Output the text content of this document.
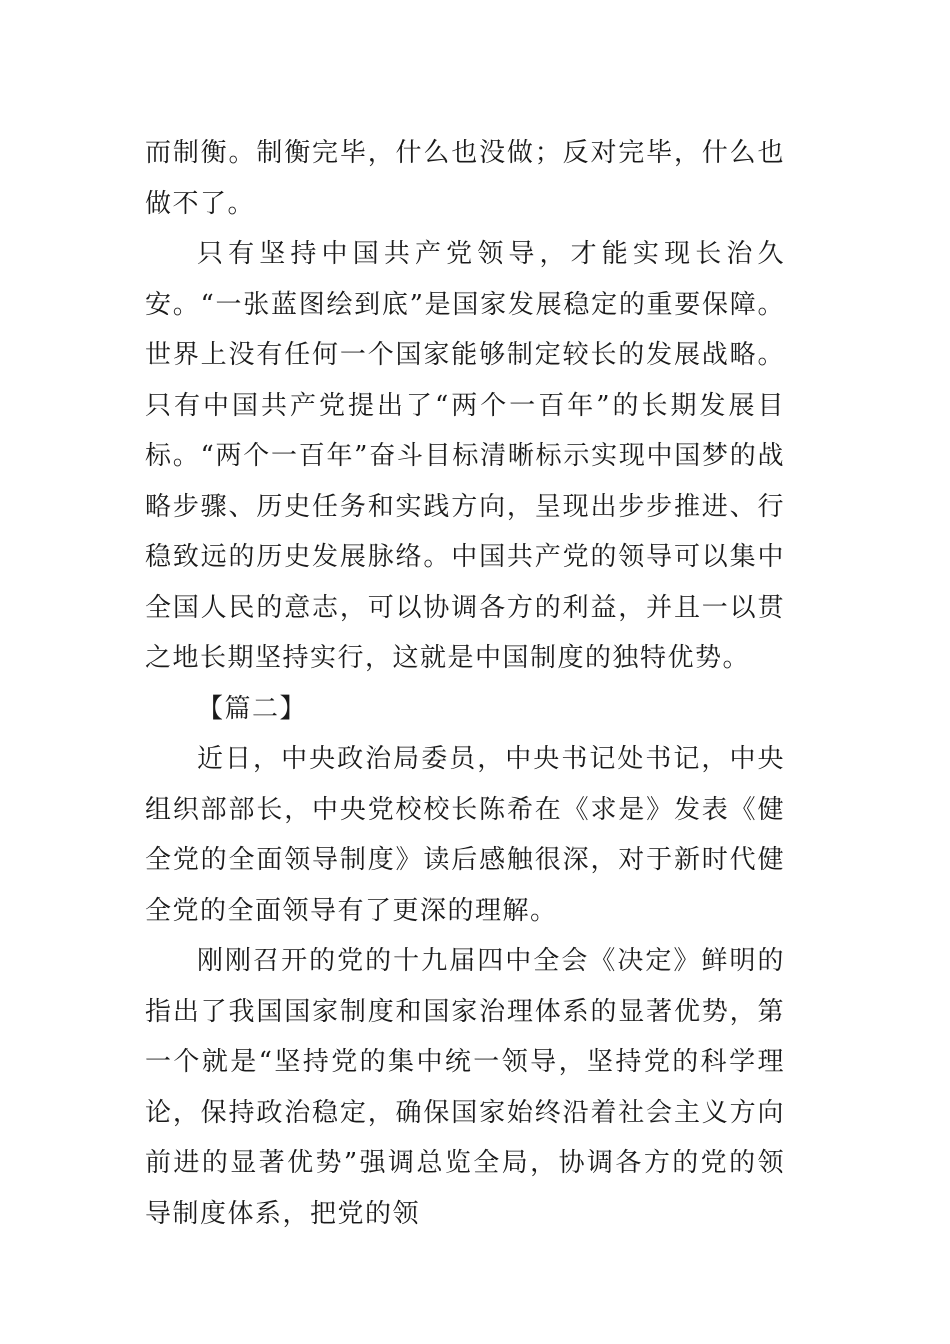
而制衡。制衡完毕，什么也没做；反对完毕，什么也做不了。

只有坚持中国共产党领导，才能实现长治久安。“一张蓝图绘到底”是国家发展稳定的重要保障。世界上没有任何一个国家能够制定较长的发展战略。只有中国共产党提出了“两个一百年”的长期发展目标。“两个一百年”奋斗目标清晰标示实现中国梦的战略步骤、历史任务和实践方向，呈现出步步推进、行稳致远的历史发展脉络。中国共产党的领导可以集中全国人民的意志，可以协调各方的利益，并且一以贯之地长期坚持实行，这就是中国制度的独特优势。

【篇二】

近日，中央政治局委员，中央书记处书记，中央组织部部长，中央党校校长陈希在《求是》发表《健全党的全面领导制度》读后感触很深，对于新时代健全党的全面领导有了更深的理解。

刚刚召开的党的十九届四中全会《决定》鲜明的指出了我国国家制度和国家治理体系的显著优势，第一个就是“坚持党的集中统一领导，坚持党的科学理论，保持政治稳定，确保国家始终沿着社会主义方向前进的显著优势”强调总览全局，协调各方的党的领导制度体系，把党的领
